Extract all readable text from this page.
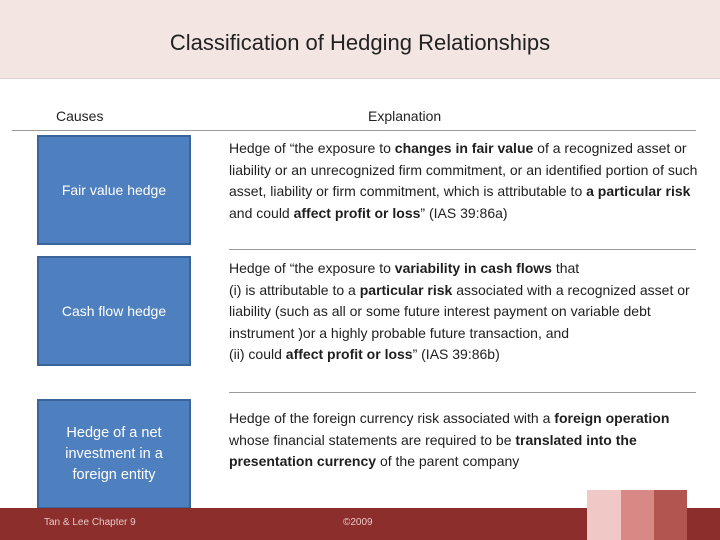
Classification of Hedging Relationships
Causes	Explanation
Fair value hedge

Hedge of “the exposure to changes in fair value of a recognized asset or liability or an unrecognized firm commitment, or an identified portion of such asset, liability or firm commitment, which is attributable to a particular risk and could affect profit or loss” (IAS 39:86a)

Cash flow hedge

Hedge of “the exposure to variability in cash flows that
(i) is attributable to a particular risk associated with a recognized asset or liability (such as all or some future interest payment on variable debt instrument )or a highly probable future transaction, and
(ii) could affect profit or loss” (IAS 39:86b)

Hedge of a net investment in a foreign entity

Hedge of the foreign currency risk associated with a foreign operation whose financial statements are required to be translated into the presentation currency of the parent company

Tan & Lee Chapter 9	©2009
